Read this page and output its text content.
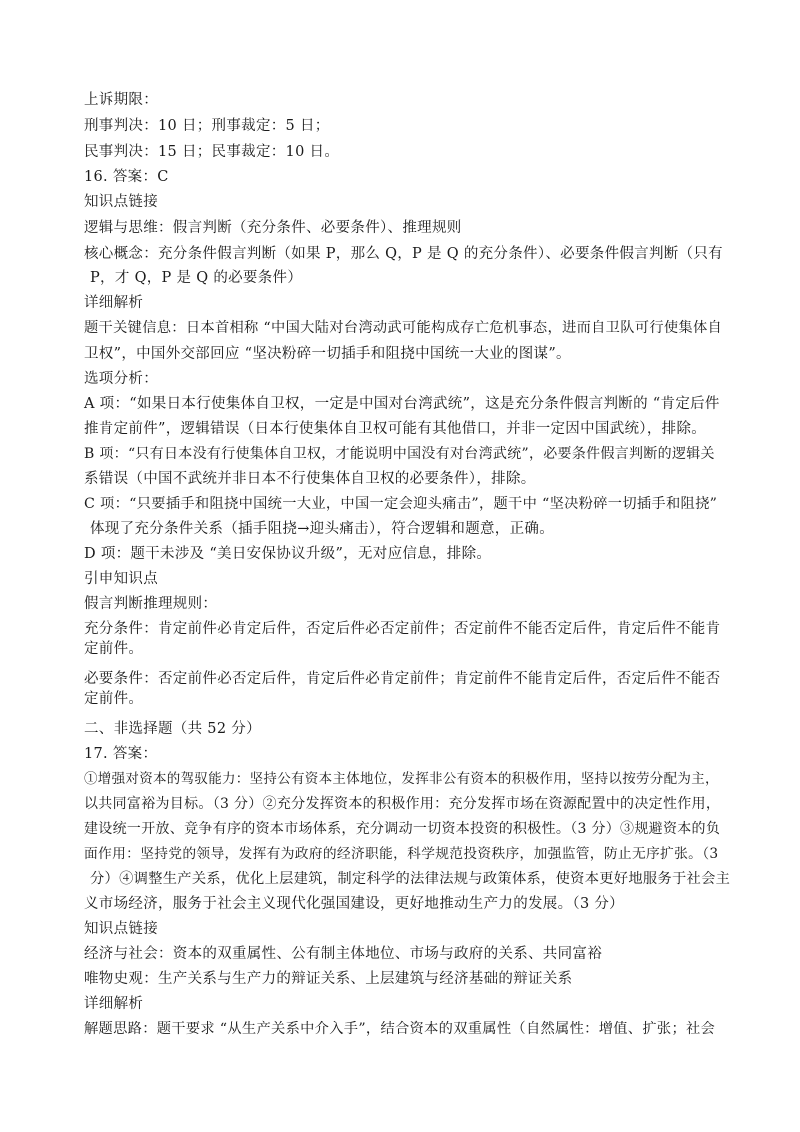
上诉期限：
刑事判决：10 日；刑事裁定：5 日；
民事判决：15 日；民事裁定：10 日。
16. 答案：C
知识点链接
逻辑与思维：假言判断（充分条件、必要条件）、推理规则
核心概念：充分条件假言判断（如果 P，那么 Q，P 是 Q 的充分条件）、必要条件假言判断（只有
P，才 Q，P 是 Q 的必要条件）
详细解析
题干关键信息：日本首相称 “中国大陆对台湾动武可能构成存亡危机事态，进而自卫队可行使集体自
卫权”，中国外交部回应 “坚决粉碎一切插手和阻挠中国统一大业的图谋”。
选项分析：
A 项：“如果日本行使集体自卫权，一定是中国对台湾武统”，这是充分条件假言判断的 “肯定后件
推肯定前件”，逻辑错误（日本行使集体自卫权可能有其他借口，并非一定因中国武统），排除。
B 项：“只有日本没有行使集体自卫权，才能说明中国没有对台湾武统”，必要条件假言判断的逻辑关
系错误（中国不武统并非日本不行使集体自卫权的必要条件），排除。
C 项：“只要插手和阻挠中国统一大业，中国一定会迎头痛击”，题干中 “坚决粉碎一切插手和阻挠”
体现了充分条件关系（插手阻挠→迎头痛击），符合逻辑和题意，正确。
D 项：题干未涉及 “美日安保协议升级”，无对应信息，排除。
引申知识点
假言判断推理规则：
充分条件：肯定前件必肯定后件，否定后件必否定前件；否定前件不能否定后件，肯定后件不能肯定前件。
必要条件：否定前件必否定后件，肯定后件必肯定前件；肯定前件不能肯定后件，否定后件不能否定前件。
二、非选择题（共 52 分）
17. 答案：
①增强对资本的驾驭能力：坚持公有资本主体地位，发挥非公有资本的积极作用，坚持以按劳分配为主，
以共同富裕为目标。（3 分）②充分发挥资本的积极作用：充分发挥市场在资源配置中的决定性作用，
建设统一开放、竞争有序的资本市场体系，充分调动一切资本投资的积极性。（3 分）③规避资本的负
面作用：坚持党的领导，发挥有为政府的经济职能，科学规范投资秩序，加强监管，防止无序扩张。（3
分）④调整生产关系，优化上层建筑，制定科学的法律法规与政策体系，使资本更好地服务于社会主
义市场经济，服务于社会主义现代化强国建设，更好地推动生产力的发展。（3 分）
知识点链接
经济与社会：资本的双重属性、公有制主体地位、市场与政府的关系、共同富裕
唯物史观：生产关系与生产力的辩证关系、上层建筑与经济基础的辩证关系
详细解析
解题思路：题干要求 “从生产关系中介入手”，结合资本的双重属性（自然属性：增值、扩张；社会
